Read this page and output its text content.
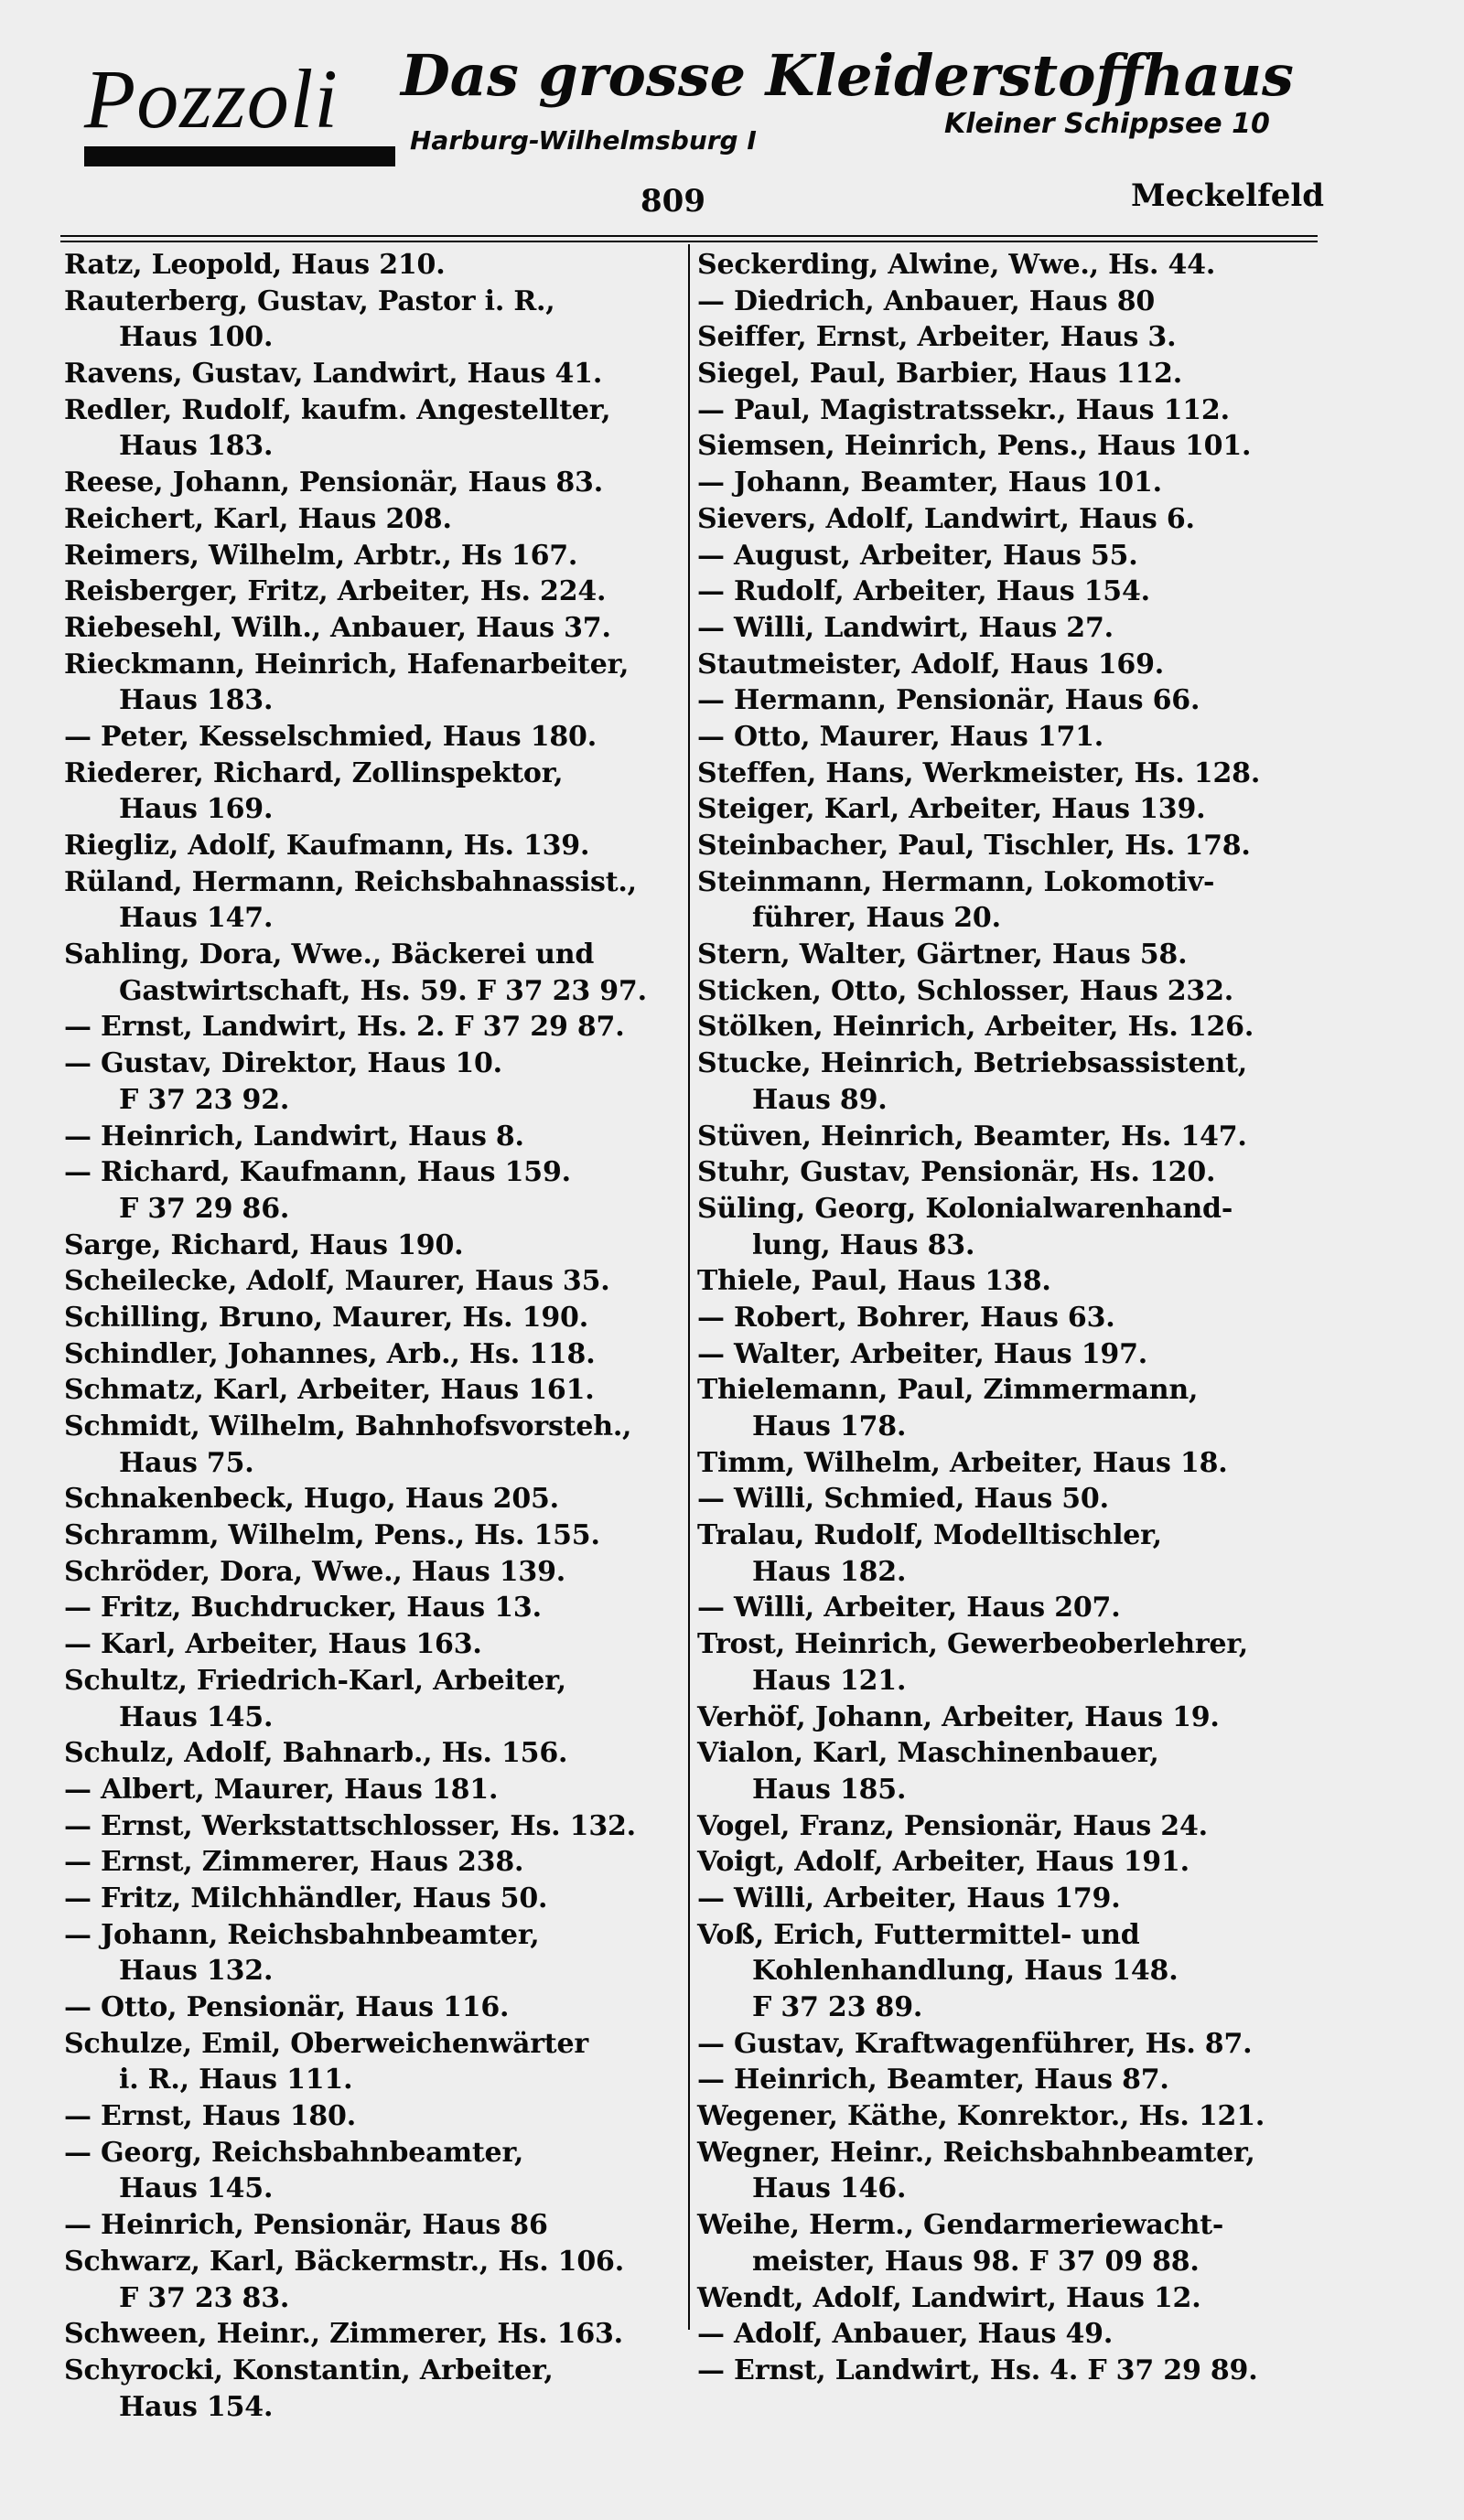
Pozzoli Das grosse Kleiderstoffhaus
Harburg-Wilhelmsburg I
Kleiner Schippsee 10
809	Meckelfeld
Ratz, Leopold, Haus 210.
Rauterberg, Gustav, Pastor i. R.,
Haus 100.
Ravens, Gustav, Landwirt, Haus 41.
Redler, Rudolf, kaufm. Angestellter,
Haus 183.
Reese, Johann, Pensionär, Haus 83.
Reichert, Karl, Haus 208.
Reimers, Wilhelm, Arbtr., Hs 167.
Reisberger, Fritz, Arbeiter, Hs. 224.
Riebesehl, Wilh., Anbauer, Haus 37.
Rieckmann, Heinrich, Hafenarbeiter,
Haus 183.
— Peter, Kesselschmied, Haus 180.
Riederer, Richard, Zollinspektor,
Haus 169.
Riegliz, Adolf, Kaufmann, Hs. 139.
Rüland, Hermann, Reichsbahnassist.,
Haus 147.
Sahling, Dora, Wwe., Bäckerei und
Gastwirtschaft, Hs. 59. F 37 23 97.
— Ernst, Landwirt, Hs. 2. F 37 29 87.
— Gustav, Direktor, Haus 10.
F 37 23 92.
— Heinrich, Landwirt, Haus 8.
— Richard, Kaufmann, Haus 159.
F 37 29 86.
Sarge, Richard, Haus 190.
Scheilecke, Adolf, Maurer, Haus 35.
Schilling, Bruno, Maurer, Hs. 190.
Schindler, Johannes, Arb., Hs. 118.
Schmatz, Karl, Arbeiter, Haus 161.
Schmidt, Wilhelm, Bahnhofsvorsteh.,
Haus 75.
Schnakenbeck, Hugo, Haus 205.
Schramm, Wilhelm, Pens., Hs. 155.
Schröder, Dora, Wwe., Haus 139.
— Fritz, Buchdrucker, Haus 13.
— Karl, Arbeiter, Haus 163.
Schultz, Friedrich-Karl, Arbeiter,
Haus 145.
Schulz, Adolf, Bahnarb., Hs. 156.
— Albert, Maurer, Haus 181.
— Ernst, Werkstattschlosser, Hs. 132.
— Ernst, Zimmerer, Haus 238.
— Fritz, Milchhändler, Haus 50.
— Johann, Reichsbahnbeamter,
Haus 132.
— Otto, Pensionär, Haus 116.
Schulze, Emil, Oberweichenwärter
i. R., Haus 111.
— Ernst, Haus 180.
— Georg, Reichsbahnbeamter,
Haus 145.
— Heinrich, Pensionär, Haus 86
Schwarz, Karl, Bäckermstr., Hs. 106.
F 37 23 83.
Schween, Heinr., Zimmerer, Hs. 163.
Schyrocki, Konstantin, Arbeiter,
Haus 154.
Seckerding, Alwine, Wwe., Hs. 44.
— Diedrich, Anbauer, Haus 80
Seiffer, Ernst, Arbeiter, Haus 3.
Siegel, Paul, Barbier, Haus 112.
— Paul, Magistratssekr., Haus 112.
Siemsen, Heinrich, Pens., Haus 101.
— Johann, Beamter, Haus 101.
Sievers, Adolf, Landwirt, Haus 6.
— August, Arbeiter, Haus 55.
— Rudolf, Arbeiter, Haus 154.
— Willi, Landwirt, Haus 27.
Stautmeister, Adolf, Haus 169.
— Hermann, Pensionär, Haus 66.
— Otto, Maurer, Haus 171.
Steffen, Hans, Werkmeister, Hs. 128.
Steiger, Karl, Arbeiter, Haus 139.
Steinbacher, Paul, Tischler, Hs. 178.
Steinmann, Hermann, Lokomotiv-
führer, Haus 20.
Stern, Walter, Gärtner, Haus 58.
Sticken, Otto, Schlosser, Haus 232.
Stölken, Heinrich, Arbeiter, Hs. 126.
Stucke, Heinrich, Betriebsassistent,
Haus 89.
Stüven, Heinrich, Beamter, Hs. 147.
Stuhr, Gustav, Pensionär, Hs. 120.
Süling, Georg, Kolonialwarenhand-
lung, Haus 83.
Thiele, Paul, Haus 138.
— Robert, Bohrer, Haus 63.
— Walter, Arbeiter, Haus 197.
Thielemann, Paul, Zimmermann,
Haus 178.
Timm, Wilhelm, Arbeiter, Haus 18.
— Willi, Schmied, Haus 50.
Tralau, Rudolf, Modelltischler,
Haus 182.
— Willi, Arbeiter, Haus 207.
Trost, Heinrich, Gewerbeoberlehrer,
Haus 121.
Verhöf, Johann, Arbeiter, Haus 19.
Vialon, Karl, Maschinenbauer,
Haus 185.
Vogel, Franz, Pensionär, Haus 24.
Voigt, Adolf, Arbeiter, Haus 191.
— Willi, Arbeiter, Haus 179.
Voß, Erich, Futtermittel- und
Kohlenhandlung, Haus 148.
F 37 23 89.
— Gustav, Kraftwagenführer, Hs. 87.
— Heinrich, Beamter, Haus 87.
Wegener, Käthe, Konrektor., Hs. 121.
Wegner, Heinr., Reichsbahnbeamter,
Haus 146.
Weihe, Herm., Gendarmeriewacht-
meister, Haus 98. F 37 09 88.
Wendt, Adolf, Landwirt, Haus 12.
— Adolf, Anbauer, Haus 49.
— Ernst, Landwirt, Hs. 4. F 37 29 89.
